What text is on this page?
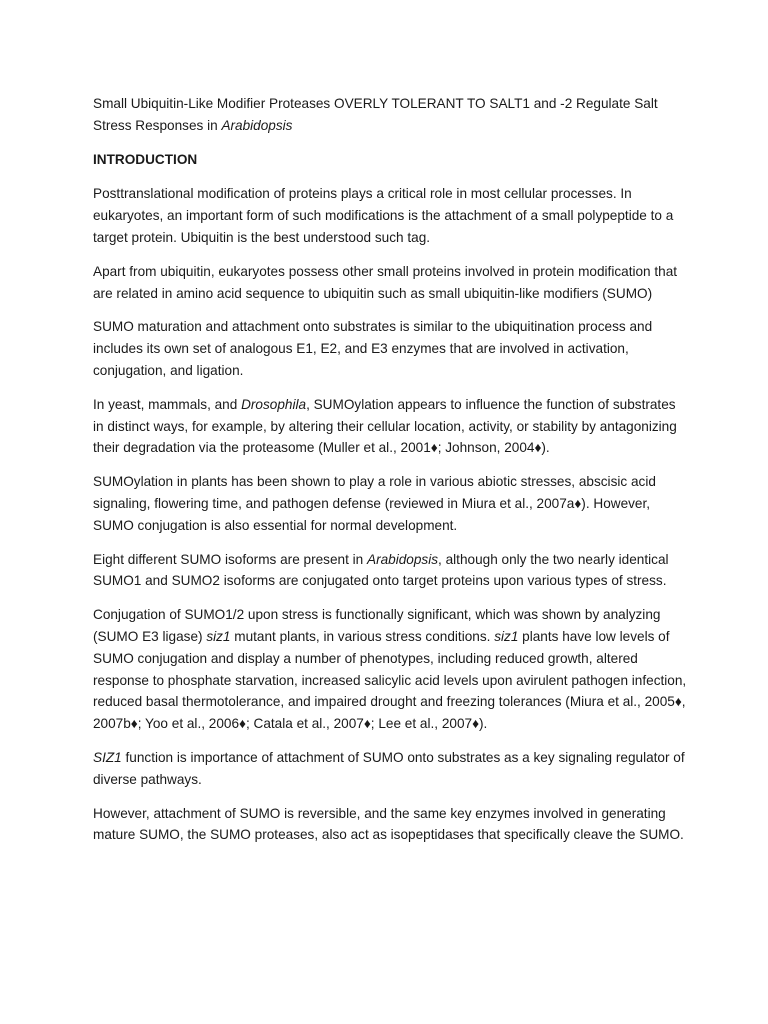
Small Ubiquitin-Like Modifier Proteases OVERLY TOLERANT TO SALT1 and -2 Regulate Salt Stress Responses in Arabidopsis

INTRODUCTION

Posttranslational modification of proteins plays a critical role in most cellular processes. In eukaryotes, an important form of such modifications is the attachment of a small polypeptide to a target protein. Ubiquitin is the best understood such tag.

Apart from ubiquitin, eukaryotes possess other small proteins involved in protein modification that are related in amino acid sequence to ubiquitin such as small ubiquitin-like modifiers (SUMO)

SUMO maturation and attachment onto substrates is similar to the ubiquitination process and includes its own set of analogous E1, E2, and E3 enzymes that are involved in activation, conjugation, and ligation.

In yeast, mammals, and Drosophila, SUMOylation appears to influence the function of substrates in distinct ways, for example, by altering their cellular location, activity, or stability by antagonizing their degradation via the proteasome (Muller et al., 2001♦; Johnson, 2004♦).

SUMOylation in plants has been shown to play a role in various abiotic stresses, abscisic acid signaling, flowering time, and pathogen defense (reviewed in Miura et al., 2007a♦). However, SUMO conjugation is also essential for normal development.

Eight different SUMO isoforms are present in Arabidopsis, although only the two nearly identical SUMO1 and SUMO2 isoforms are conjugated onto target proteins upon various types of stress.

Conjugation of SUMO1/2 upon stress is functionally significant, which was shown by analyzing (SUMO E3 ligase) siz1 mutant plants, in various stress conditions. siz1 plants have low levels of SUMO conjugation and display a number of phenotypes, including reduced growth, altered response to phosphate starvation, increased salicylic acid levels upon avirulent pathogen infection, reduced basal thermotolerance, and impaired drought and freezing tolerances (Miura et al., 2005♦, 2007b♦; Yoo et al., 2006♦; Catala et al., 2007♦; Lee et al., 2007♦).

SIZ1 function is importance of attachment of SUMO onto substrates as a key signaling regulator of diverse pathways.

However, attachment of SUMO is reversible, and the same key enzymes involved in generating mature SUMO, the SUMO proteases, also act as isopeptidases that specifically cleave the SUMO.
